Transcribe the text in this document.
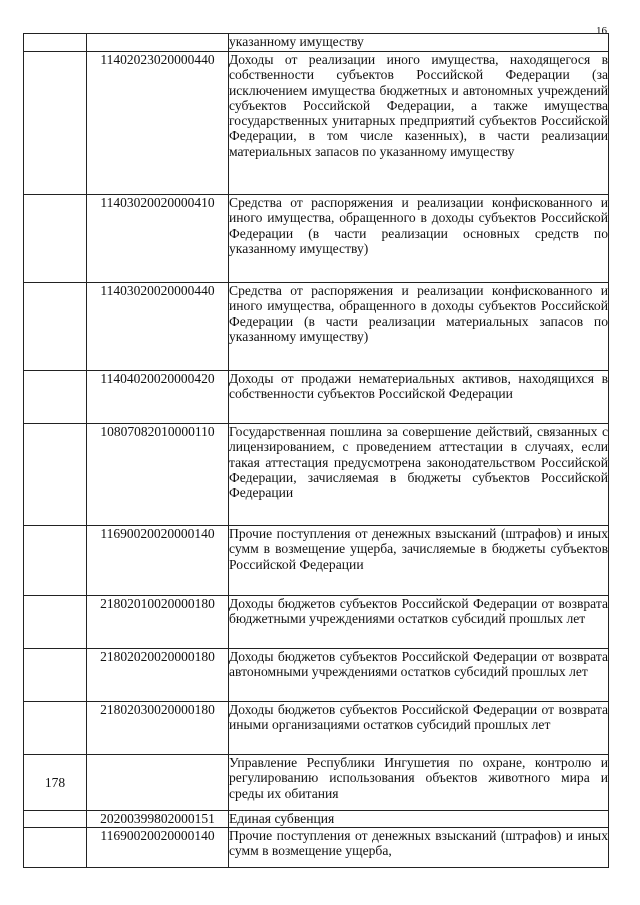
16
		указанному имуществу
	11402023020000440	Доходы от реализации иного имущества, находящегося в собственности субъектов Российской Федерации (за исключением имущества бюджетных и автономных учреждений субъектов Российской Федерации, а также имущества государственных унитарных предприятий субъектов Российской Федерации, в том числе казенных), в части реализации материальных запасов по указанному имуществу
	11403020020000410	Средства от распоряжения и реализации конфискованного и иного имущества, обращенного в доходы субъектов Российской Федерации (в части реализации основных средств по указанному имуществу)
	11403020020000440	Средства от распоряжения и реализации конфискованного и иного имущества, обращенного в доходы субъектов Российской Федерации (в части реализации материальных запасов по указанному имуществу)
	11404020020000420	Доходы от продажи нематериальных активов, находящихся в собственности субъектов Российской Федерации
	10807082010000110	Государственная пошлина за совершение действий, связанных с лицензированием, с проведением аттестации в случаях, если такая аттестация предусмотрена законодательством Российской Федерации, зачисляемая в бюджеты субъектов Российской Федерации
	11690020020000140	Прочие поступления от денежных взысканий (штрафов) и иных сумм в возмещение ущерба, зачисляемые в бюджеты субъектов Российской Федерации
	21802010020000180	Доходы бюджетов субъектов Российской Федерации от возврата бюджетными учреждениями остатков субсидий прошлых лет
	21802020020000180	Доходы бюджетов субъектов Российской Федерации от возврата автономными учреждениями остатков субсидий прошлых лет
	21802030020000180	Доходы бюджетов субъектов Российской Федерации от возврата иными организациями остатков субсидий прошлых лет
178		Управление Республики Ингушетия по охране, контролю и регулированию использования объектов животного мира и среды их обитания
	20200399802000151	Единая субвенция
	11690020020000140	Прочие поступления от денежных взысканий (штрафов) и иных сумм в возмещение ущерба,
